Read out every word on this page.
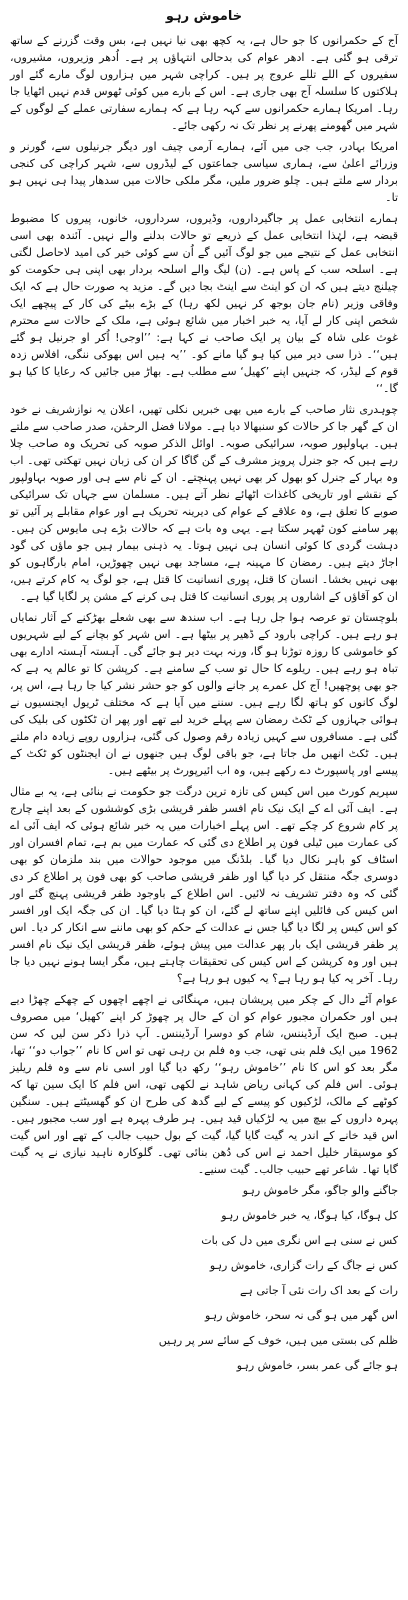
خاموش رہو

آج کے حکمرانوں کا جو حال ہے، یہ کچھ بھی نیا نہیں ہے، بس وقت گزرنے کے ساتھ ترقی ہو گئی ہے۔ ادھر عوام کی بدحالی انتہاؤں پر ہے۔ اُدھر وزیروں، مشیروں، سفیروں کے اللے تللے عروج پر ہیں۔ کراچی شہر میں ہزاروں لوگ مارے گئے اور ہلاکتوں کا سلسلہ آج بھی جاری ہے۔ اس کے بارے میں کوئی ٹھوس قدم نہیں اٹھایا جا رہا۔ امریکا ہمارے حکمرانوں سے کہہ رہا ہے کہ ہمارے سفارتی عملے کے لوگوں کے شہر میں گھومنے پھرنے پر نظر تک نہ رکھی جائے۔

امریکا بہادر، جب جی میں آئے، ہمارے آرمی چیف اور دیگر جرنیلوں سے، گورنر و وزرائے اعلیٰ سے، ہماری سیاسی جماعتوں کے لیڈروں سے، شہر کراچی کی کنجی بردار سے ملتے ہیں۔ چلو ضرور ملیں، مگر ملکی حالات میں سدھار پیدا ہی نہیں ہو تا۔

ہمارے انتخابی عمل پر جاگیرداروں، وڈیروں، سرداروں، خانوں، پیروں کا مضبوط قبضہ ہے، لہٰذا انتخابی عمل کے ذریعے تو حالات بدلنے والے نہیں۔ آئندہ بھی اسی انتخابی عمل کے نتیجے میں جو لوگ آئیں گے اُن سے کوئی خیر کی امید لاحاصل لگتی ہے۔ اسلحہ سب کے پاس ہے۔ (ن) لیگ والے اسلحہ بردار بھی اپنی ہی حکومت کو چیلنج دیتے ہیں کہ ان کو اینٹ سے اینٹ بجا دیں گے۔ مزید یہ صورت حال ہے کہ ایک وفاقی وزیر (نام جان بوجھ کر نہیں لکھ رہا) کے بڑے بیٹے کی کار کے پیچھے ایک شخص اپنی کار لے آیا، یہ خبر اخبار میں شائع ہوئی ہے، ملک کے حالات سے محترم غوث علی شاہ کے بیان پر ایک صاحب نے کہا ہے: ’’اوجی! اُکر او جرنیل ہو گئے ہیں‘‘۔ ذرا سی دیر میں کیا ہو گیا مانے کو۔ ’’یہ ہیں اس بھوکی ننگی، افلاس زدہ قوم کے لیڈر، کہ جنہیں اپنے ’کھیل‘ سے مطلب ہے۔ بھاڑ میں جائیں کہ رعایا کا کیا ہو گا۔‘‘

چوہدری نثار صاحب کے بارے میں بھی خبریں نکلی تھیں، اعلان یہ نوازشریف نے خود ان کے گھر جا کر حالات کو سنبھالا دیا ہے۔ مولانا فضل الرحمٰن، صدر صاحب سے ملتے ہیں۔ بہاولپور صوبہ، سرائیکی صوبہ۔ اوائل الذکر صوبہ کی تحریک وہ صاحب چلا رہے ہیں کہ جو جنرل پرویز مشرف کے گن گاگا کر ان کی زبان نہیں تھکتی تھی۔ اب وہ بہار کے جنرل کو بھول کر بھی نہیں پہنچتے۔ ان کے نام سے ہی اور صوبہ بہاولپور کے نقشے اور تاریخی کاغذات اٹھائے نظر آتے ہیں۔ مسلمان سے جہاں تک سرائیکی صوبے کا تعلق ہے، وہ علاقے کے عوام کی دیرینہ تحریک ہے اور عوام مقابلے پر آئیں تو پھر سامنے کون ٹھہر سکتا ہے۔ یہی وہ بات ہے کہ حالات بڑے ہی مایوس کن ہیں۔ دہشت گردی کا کوئی انسان ہی نہیں ہوتا۔ یہ ذہنی بیمار ہیں جو ماؤں کی گود اجاڑ دیتے ہیں۔ رمضان کا مہینہ ہے، مساجد بھی نہیں چھوڑیں، امام بارگاہوں کو بھی نہیں بخشا۔ انسان کا قتل، پوری انسانیت کا قتل ہے، جو لوگ یہ کام کرتے ہیں، ان کو آقاؤں کے اشاروں پر پوری انسانیت کا قتل ہی کرنے کے مشن پر لگایا گیا ہے۔

بلوچستان تو عرصہ ہوا جل رہا ہے۔ اب سندھ سے بھی شعلے بھڑکنے کے آثار نمایاں ہو رہے ہیں۔ کراچی بارود کے ڈھیر پر بیٹھا ہے۔ اس شہر کو بچانے کے لیے شہریوں کو خاموشی کا روزہ توڑنا ہو گا، ورنہ بہت دیر ہو جائے گی۔ آہستہ آہستہ ادارے بھی تباہ ہو رہے ہیں۔ ریلوے کا حال تو سب کے سامنے ہے۔ کرپشن کا تو عالم یہ ہے کہ جو بھی پوچھیں! آج کل عمرے پر جانے والوں کو جو حشر نشر کیا جا رہا ہے، اس پر، لوگ کانوں کو ہاتھ لگا رہے ہیں۔ سننے میں آیا ہے کہ مختلف ٹریول ایجنسیوں نے ہوائی جہازوں کے ٹکٹ رمضان سے پہلے خرید لیے تھے اور پھر ان ٹکٹوں کی بلیک کی گئی ہے۔ مسافروں سے کہیں زیادہ رقم وصول کی گئی، ہزاروں روپے زیادہ دام ملتے ہیں۔ ٹکٹ انھیں مل جاتا ہے، جو باقی لوگ ہیں جنھوں نے ان ایجنٹوں کو ٹکٹ کے پیسے اور پاسپورٹ دے رکھے ہیں، وہ اب ائیرپورٹ پر بیٹھے ہیں۔

سپریم کورٹ میں اس کیس کی تازہ ترین درگت جو حکومت نے بنائی ہے، یہ بے مثال ہے۔ ایف آئی اے کے ایک نیک نام افسر ظفر قریشی بڑی کوششوں کے بعد اپنے چارج پر کام شروع کر چکے تھے۔ اس پہلے اخبارات میں یہ خبر شائع ہوئی کہ ایف آئی اے کی عمارت میں ٹیلی فون پر اطلاع دی گئی کہ عمارت میں بم ہے، تمام افسران اور اسٹاف کو باہر نکال دیا گیا۔ بلڈنگ میں موجود حوالات میں بند ملزمان کو بھی دوسری جگہ منتقل کر دیا گیا اور ظفر قریشی صاحب کو بھی فون پر اطلاع کر دی گئی کہ وہ دفتر تشریف نہ لائیں۔ اس اطلاع کے باوجود ظفر قریشی پہنچ گئے اور اس کیس کی فائلیں اپنے ساتھ لے گئے، ان کو ہٹا دیا گیا۔ ان کی جگہ ایک اور افسر کو اس کیس پر لگا دیا گیا جس نے عدالت کے حکم کو بھی ماننے سے انکار کر دیا۔ اس پر ظفر قریشی ایک بار پھر عدالت میں پیش ہوئے، ظفر قریشی ایک نیک نام افسر ہیں اور وہ کرپشن کے اس کیس کی تحقیقات چاہتے ہیں، مگر ایسا ہونے نہیں دیا جا رہا۔ آخر یہ کیا ہو رہا ہے؟ یہ کیوں ہو رہا ہے؟

عوام آٹے دال کے چکر میں پریشان ہیں، مہنگائی نے اچھے اچھوں کے چھکے چھڑا دیے ہیں اور حکمران مجبور عوام کو ان کے حال پر چھوڑ کر اپنے ’کھیل‘ میں مصروف ہیں۔ صبح ایک آرڈیننس، شام کو دوسرا آرڈیننس۔ آپ ذرا ذکر سن لیں کہ سن 1962 میں ایک فلم بنی تھی، جب وہ فلم بن رہی تھی تو اس کا نام ’’جواب دو‘‘ تھا، مگر بعد کو اس کا نام ’’خاموش رہو‘‘ رکھ دیا گیا اور اسی نام سے وہ فلم ریلیز ہوئی۔ اس فلم کی کہانی ریاض شاہد نے لکھی تھی، اس فلم کا ایک سین تھا کہ کوٹھے کے مالک، لڑکیوں کو پیسے کے لیے گدھ کی طرح ان کو گھسیٹتے ہیں۔ سنگین پہرہ داروں کے بیچ میں یہ لڑکیاں قید ہیں۔ ہر طرف پہرہ ہے اور سب مجبور ہیں۔ اس قید خانے کے اندر یہ گیت گایا گیا، گیت کے بول حبیب جالب کے تھے اور اس گیت کو موسیقار خلیل احمد نے اس کی دُھن بنائی تھی۔ گلوکارہ ناہید نیازی نے یہ گیت گایا تھا۔ شاعر تھے حبیب جالب۔ گیت سنیے۔

جاگنے والو جاگو، مگر خاموش رہو

کل ہوگا، کیا ہوگا، یہ خبر خاموش رہو

کس نے سنی ہے اس نگری میں دل کی بات

کس نے جاگ کے رات گزاری، خاموش رہو

رات کے بعد اک رات نئی آ جاتی ہے

اس گھر میں ہو گی نہ سحر، خاموش رہو

ظلم کی بستی میں ہیں، خوف کے سائے سر پر رہیں

ہو جائے گی عمر بسر، خاموش رہو
